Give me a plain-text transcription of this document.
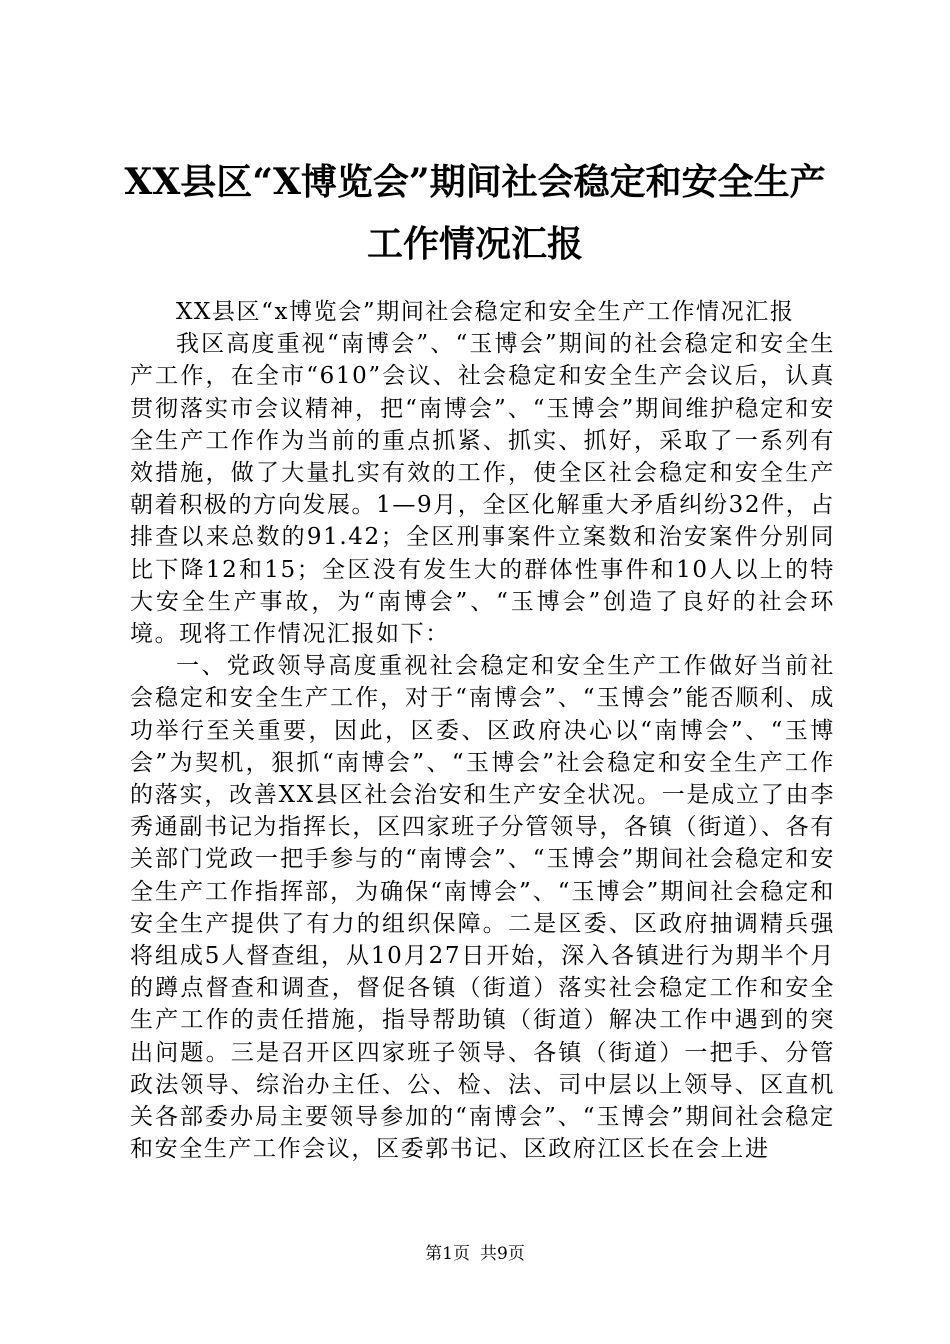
XX县区“X博览会”期间社会稳定和安全生产
工作情况汇报

XX县区“x博览会”期间社会稳定和安全生产工作情况汇报

我区高度重视“南博会”、“玉博会”期间的社会稳定和安全生产工作，在全市“610”会议、社会稳定和安全生产会议后，认真贯彻落实市会议精神，把“南博会”、“玉博会”期间维护稳定和安全生产工作作为当前的重点抓紧、抓实、抓好，采取了一系列有效措施，做了大量扎实有效的工作，使全区社会稳定和安全生产朝着积极的方向发展。1—9月，全区化解重大矛盾纠纷32件，占排查以来总数的91.42；全区刑事案件立案数和治安案件分别同比下降12和15；全区没有发生大的群体性事件和10人以上的特大安全生产事故，为“南博会”、“玉博会”创造了良好的社会环境。现将工作情况汇报如下：

一、党政领导高度重视社会稳定和安全生产工作做好当前社会稳定和安全生产工作，对于“南博会”、“玉博会”能否顺利、成功举行至关重要，因此，区委、区政府决心以“南博会”、“玉博会”为契机，狠抓“南博会”、“玉博会”社会稳定和安全生产工作的落实，改善XX县区社会治安和生产安全状况。一是成立了由李秀通副书记为指挥长，区四家班子分管领导，各镇（街道）、各有关部门党政一把手参与的“南博会”、“玉博会”期间社会稳定和安全生产工作指挥部，为确保“南博会”、“玉博会”期间社会稳定和安全生产提供了有力的组织保障。二是区委、区政府抽调精兵强将组成5人督查组，从10月27日开始，深入各镇进行为期半个月的蹲点督查和调查，督促各镇（街道）落实社会稳定工作和安全生产工作的责任措施，指导帮助镇（街道）解决工作中遇到的突出问题。三是召开区四家班子领导、各镇（街道）一把手、分管政法领导、综治办主任、公、检、法、司中层以上领导、区直机关各部委办局主要领导参加的“南博会”、“玉博会”期间社会稳定和安全生产工作会议，区委郭书记、区政府江区长在会上进

第1页 共9页
